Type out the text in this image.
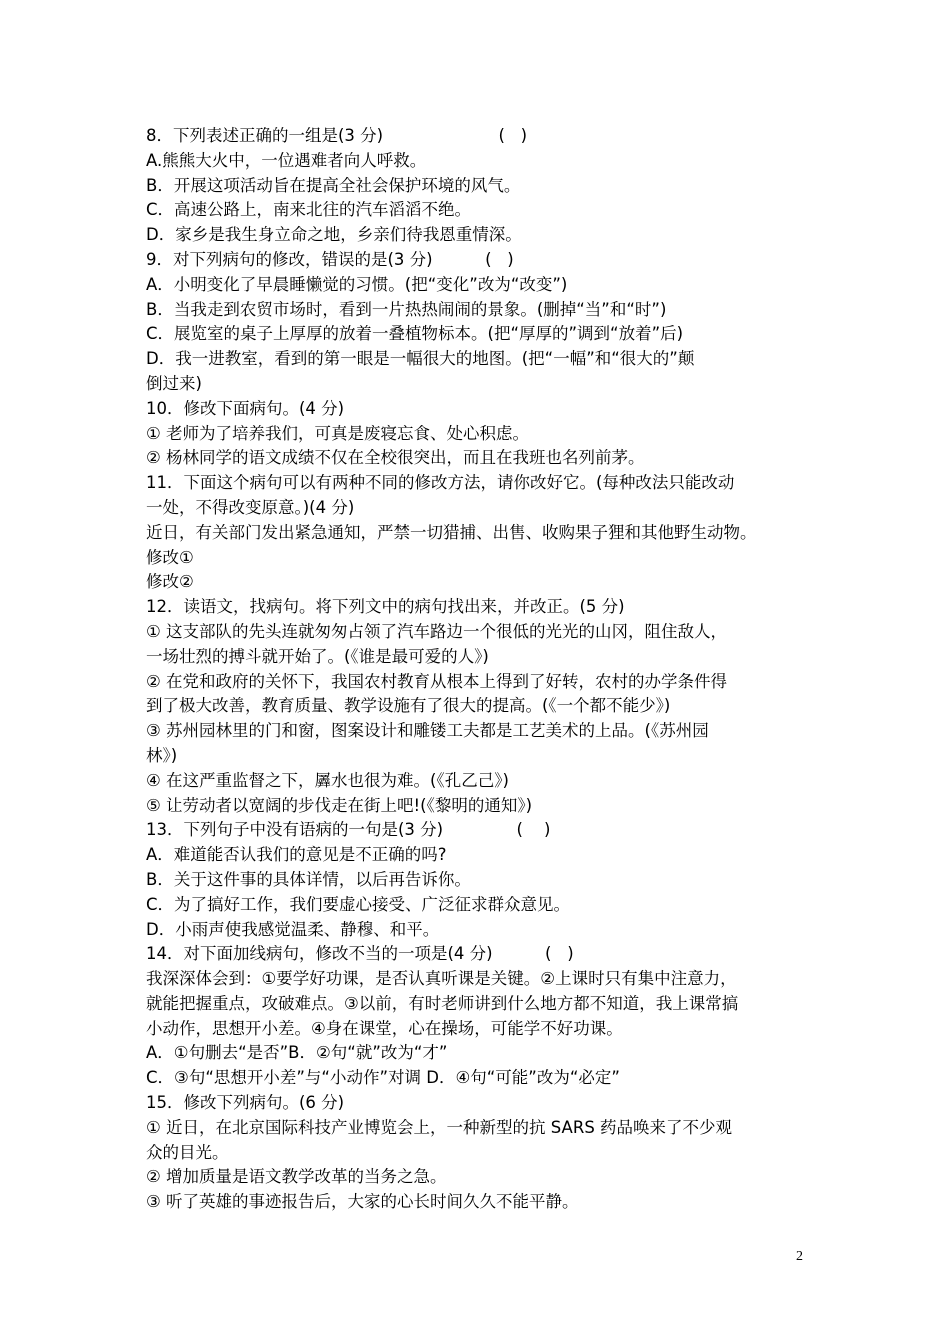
8．下列表述正确的一组是(3 分)                      (   )
A.熊熊大火中，一位遇难者向人呼救。
B．开展这项活动旨在提高全社会保护环境的风气。
C．高速公路上，南来北往的汽车滔滔不绝。
D．家乡是我生身立命之地，乡亲们待我恩重情深。
9．对下列病句的修改，错误的是(3 分)          (   )
A．小明变化了早晨睡懒觉的习惯。(把“变化”改为“改变”)
B．当我走到农贸市场时，看到一片热热闹闹的景象。(删掉“当”和“时”)
C．展览室的桌子上厚厚的放着一叠植物标本。(把“厚厚的”调到“放着”后)
D．我一进教室，看到的第一眼是一幅很大的地图。(把“一幅”和“很大的”颠
倒过来)
10．修改下面病句。(4 分)
① 老师为了培养我们，可真是废寝忘食、处心积虑。
② 杨林同学的语文成绩不仅在全校很突出，而且在我班也名列前茅。
11．下面这个病句可以有两种不同的修改方法，请你改好它。(每种改法只能改动
一处，不得改变原意。)(4 分)
近日，有关部门发出紧急通知，严禁一切猎捕、出售、收购果子狸和其他野生动物。
修改①
修改②
12．读语文，找病句。将下列文中的病句找出来，并改正。(5 分)
① 这支部队的先头连就匆匆占领了汽车路边一个很低的光光的山冈，阻住敌人，
一场壮烈的搏斗就开始了。(《谁是最可爱的人》)
② 在党和政府的关怀下，我国农村教育从根本上得到了好转，农村的办学条件得
到了极大改善，教育质量、教学设施有了很大的提高。(《一个都不能少》)
③ 苏州园林里的门和窗，图案设计和雕镂工夫都是工艺美术的上品。(《苏州园
林》)
④ 在这严重监督之下，羼水也很为难。(《孔乙己》)
⑤ 让劳动者以宽阔的步伐走在街上吧!(《黎明的通知》)
13．下列句子中没有语病的一句是(3 分)              (    )
A．难道能否认我们的意见是不正确的吗?
B．关于这件事的具体详情，以后再告诉你。
C．为了搞好工作，我们要虚心接受、广泛征求群众意见。
D．小雨声使我感觉温柔、静穆、和平。
14．对下面加线病句，修改不当的一项是(4 分)          (   )
我深深体会到：①要学好功课，是否认真听课是关键。②上课时只有集中注意力，
就能把握重点，攻破难点。③以前，有时老师讲到什么地方都不知道，我上课常搞
小动作，思想开小差。④身在课堂，心在操场，可能学不好功课。
A．①句删去“是否”B．②句“就”改为“才”
C．③句“思想开小差”与“小动作”对调 D．④句“可能”改为“必定”
15．修改下列病句。(6 分)
① 近日，在北京国际科技产业博览会上，一种新型的抗 SARS 药品唤来了不少观
众的目光。
② 增加质量是语文教学改革的当务之急。
③ 听了英雄的事迹报告后，大家的心长时间久久不能平静。
2
